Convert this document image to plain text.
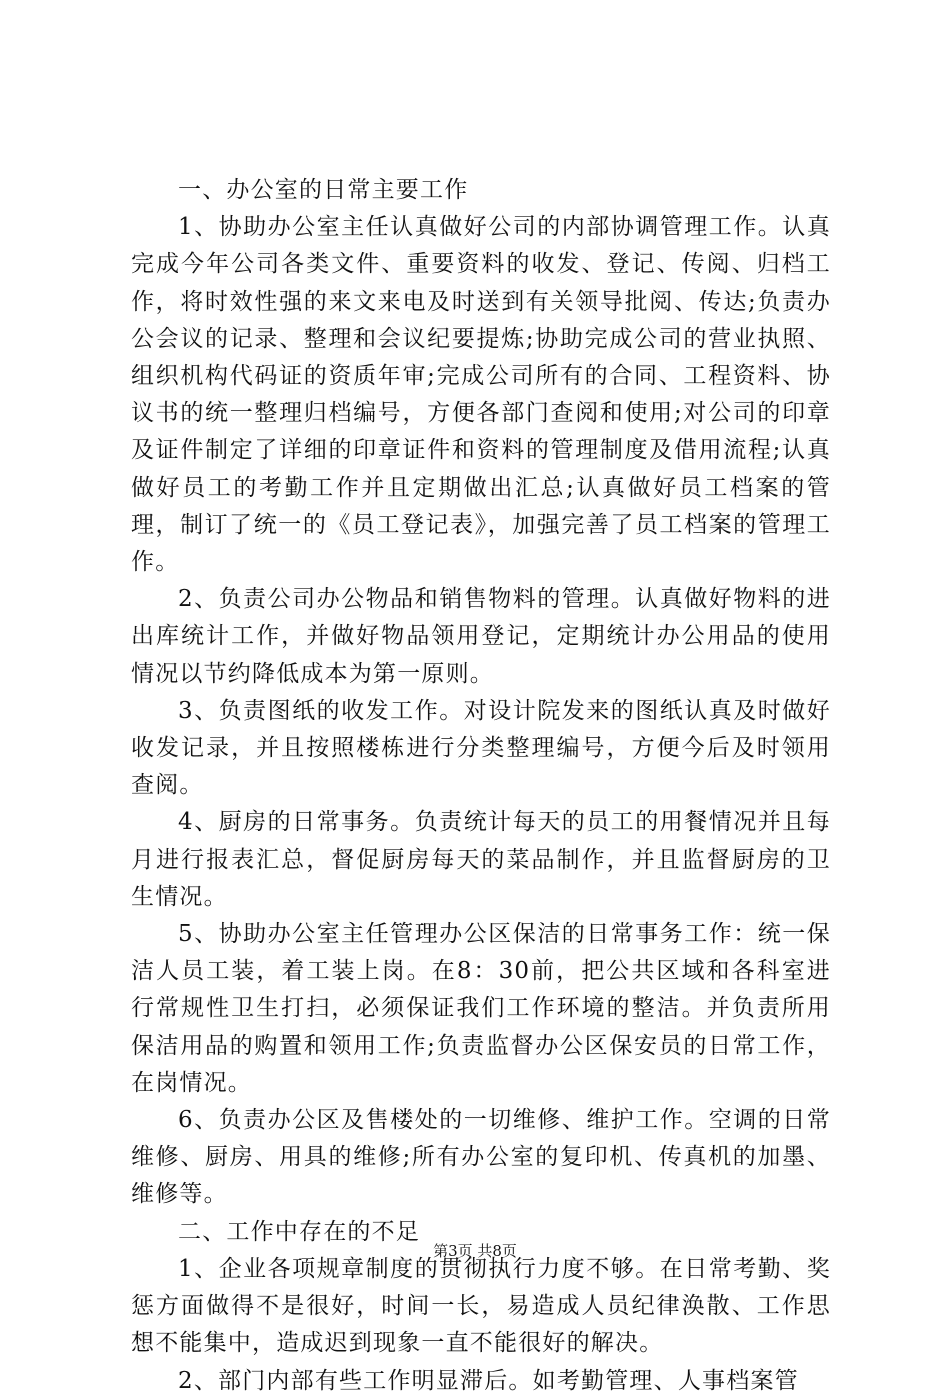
一、办公室的日常主要工作

1、协助办公室主任认真做好公司的内部协调管理工作。认真完成今年公司各类文件、重要资料的收发、登记、传阅、归档工作，将时效性强的来文来电及时送到有关领导批阅、传达;负责办公会议的记录、整理和会议纪要提炼;协助完成公司的营业执照、组织机构代码证的资质年审;完成公司所有的合同、工程资料、协议书的统一整理归档编号，方便各部门查阅和使用;对公司的印章及证件制定了详细的印章证件和资料的管理制度及借用流程;认真做好员工的考勤工作并且定期做出汇总;认真做好员工档案的管理，制订了统一的《员工登记表》，加强完善了员工档案的管理工作。

2、负责公司办公物品和销售物料的管理。认真做好物料的进出库统计工作，并做好物品领用登记，定期统计办公用品的使用情况以节约降低成本为第一原则。

3、负责图纸的收发工作。对设计院发来的图纸认真及时做好收发记录，并且按照楼栋进行分类整理编号，方便今后及时领用查阅。

4、厨房的日常事务。负责统计每天的员工的用餐情况并且每月进行报表汇总，督促厨房每天的菜品制作，并且监督厨房的卫生情况。

5、协助办公室主任管理办公区保洁的日常事务工作：统一保洁人员工装，着工装上岗。在8：30前，把公共区域和各科室进行常规性卫生打扫，必须保证我们工作环境的整洁。并负责所用保洁用品的购置和领用工作;负责监督办公区保安员的日常工作，在岗情况。

6、负责办公区及售楼处的一切维修、维护工作。空调的日常维修、厨房、用具的维修;所有办公室的复印机、传真机的加墨、维修等。

二、工作中存在的不足

1、企业各项规章制度的贯彻执行力度不够。在日常考勤、奖惩方面做得不是很好，时间一长，易造成人员纪律涣散、工作思想不能集中，造成迟到现象一直不能很好的解决。

2、部门内部有些工作明显滞后。如考勤管理、人事档案管

第3页 共8页
